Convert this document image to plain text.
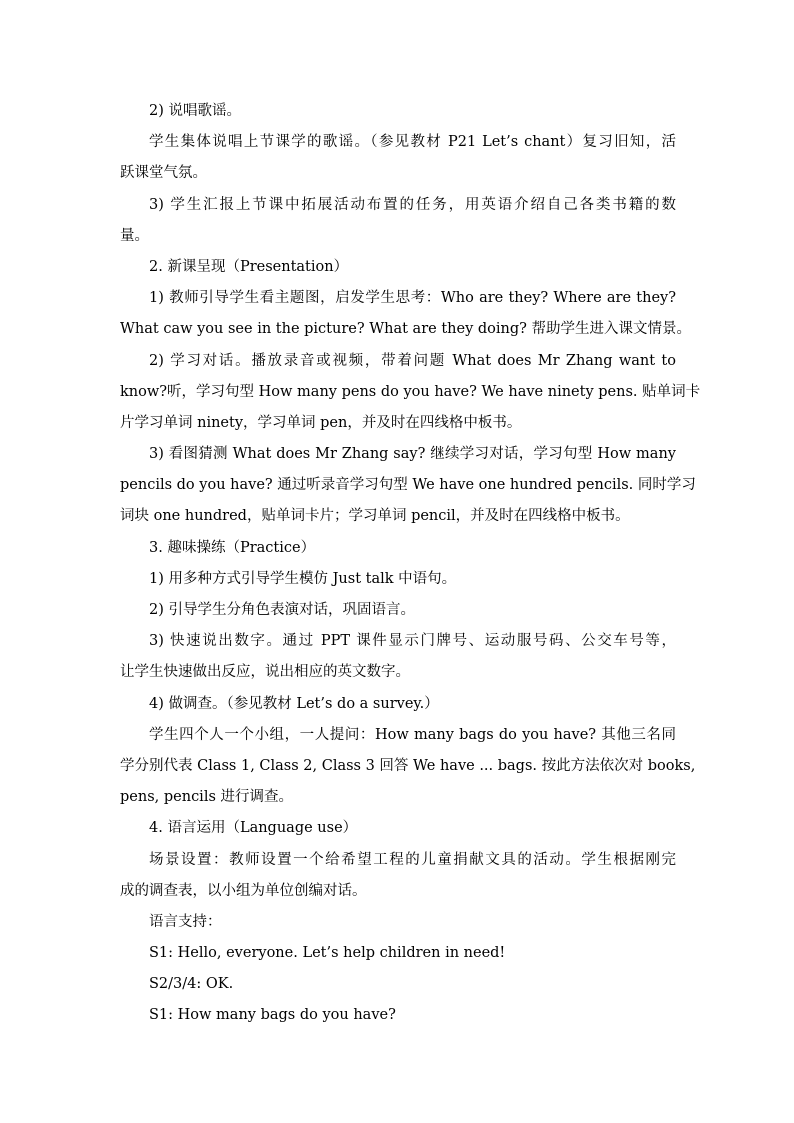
2) 说唱歌谣。
学生集体说唱上节课学的歌谣。（参见教材 P21 Let’s chant）复习旧知，活
跃课堂气氛。
3) 学生汇报上节课中拓展活动布置的任务，用英语介绍自己各类书籍的数
量。
2. 新课呈现（Presentation）
1) 教师引导学生看主题图，启发学生思考：Who are they? Where are they?
What caw you see in the picture? What are they doing? 帮助学生进入课文情景。
2) 学习对话。播放录音或视频，带着问题 What does Mr Zhang want to
know?听，学习句型 How many pens do you have? We have ninety pens. 贴单词卡
片学习单词 ninety，学习单词 pen，并及时在四线格中板书。
3) 看图猜测 What does Mr Zhang say? 继续学习对话，学习句型 How many
pencils do you have? 通过听录音学习句型 We have one hundred pencils. 同时学习
词块 one hundred，贴单词卡片；学习单词 pencil，并及时在四线格中板书。
3. 趣味操练（Practice）
1) 用多种方式引导学生模仿 Just talk 中语句。
2) 引导学生分角色表演对话，巩固语言。
3) 快速说出数字。通过 PPT 课件显示门牌号、运动服号码、公交车号等，
让学生快速做出反应，说出相应的英文数字。
4) 做调查。（参见教材 Let’s do a survey.）
学生四个人一个小组，一人提问：How many bags do you have? 其他三名同
学分别代表 Class 1, Class 2, Class 3 回答 We have ... bags. 按此方法依次对 books,
pens, pencils 进行调查。
4. 语言运用（Language use）
场景设置：教师设置一个给希望工程的儿童捐献文具的活动。学生根据刚完
成的调查表，以小组为单位创编对话。
语言支持：
S1: Hello, everyone. Let’s help children in need!
S2/3/4: OK.
S1: How many bags do you have?
